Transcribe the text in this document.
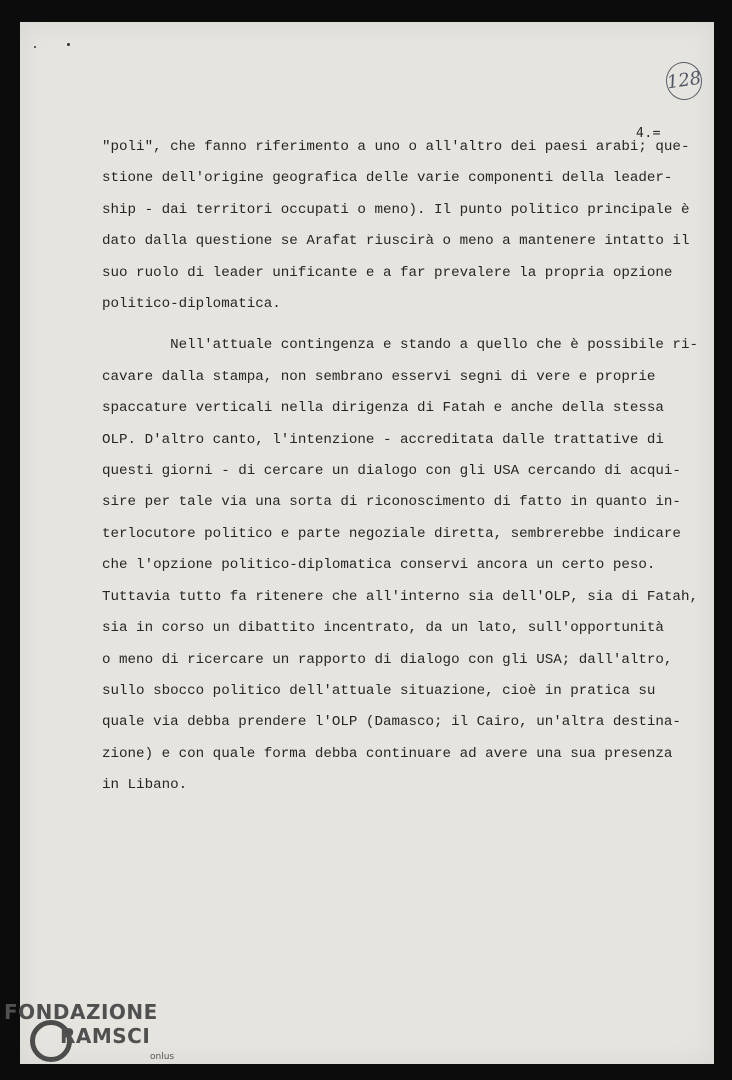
128
4.=
"poli", che fanno riferimento a uno o all'altro dei paesi arabi; que-
stione dell'origine geografica delle varie componenti della leader-
ship - dai territori occupati o meno). Il punto politico principale è
dato dalla questione se Arafat riuscirà o meno a mantenere intatto il
suo ruolo di leader unificante e a far prevalere la propria opzione
politico-diplomatica.
Nell'attuale contingenza e stando a quello che è possibile ri-
cavare dalla stampa, non sembrano esservi segni di vere e proprie
spaccature verticali nella dirigenza di Fatah e anche della stessa
OLP. D'altro canto, l'intenzione - accreditata dalle trattative di
questi giorni - di cercare un dialogo con gli USA cercando di acqui-
sire per tale via una sorta di riconoscimento di fatto in quanto in-
terlocutore politico e parte negoziale diretta, sembrerebbe indicare
che l'opzione politico-diplomatica conservi ancora un certo peso.
Tuttavia tutto fa ritenere che all'interno sia dell'OLP, sia di Fatah,
sia in corso un dibattito incentrato, da un lato, sull'opportunità
o meno di ricercare un rapporto di dialogo con gli USA; dall'altro,
sullo sbocco politico dell'attuale situazione, cioè in pratica su
quale via debba prendere l'OLP (Damasco; il Cairo, un'altra destina-
zione) e con quale forma debba continuare ad avere una sua presenza
in Libano.
FONDAZIONE
RAMSCI
onlus
